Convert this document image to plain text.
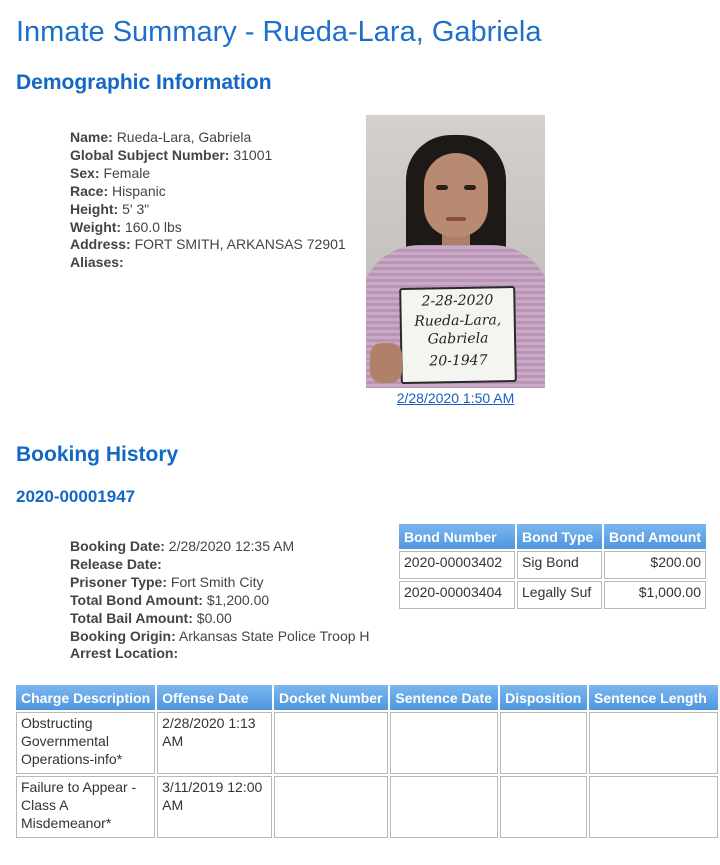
Inmate Summary - Rueda-Lara, Gabriela
Demographic Information
Name: Rueda-Lara, Gabriela
Global Subject Number: 31001
Sex: Female
Race: Hispanic
Height: 5' 3"
Weight: 160.0 lbs
Address: FORT SMITH, ARKANSAS 72901
Aliases:
2-28-2020
Rueda-Lara,
Gabriela
20-1947
2/28/2020 1:50 AM
Booking History
2020-00001947
Booking Date: 2/28/2020 12:35 AM
Release Date:
Prisoner Type: Fort Smith City
Total Bond Amount: $1,200.00
Total Bail Amount: $0.00
Booking Origin: Arkansas State Police Troop H
Arrest Location:
Bond Number	Bond Type	Bond Amount
2020-00003402	Sig Bond	$200.00
2020-00003404	Legally Suf	$1,000.00
Charge Description	Offense Date	Docket Number	Sentence Date	Disposition	Sentence Length
Obstructing Governmental Operations-info*	2/28/2020 1:13 AM				
Failure to Appear - Class A Misdemeanor*	3/11/2019 12:00 AM				
